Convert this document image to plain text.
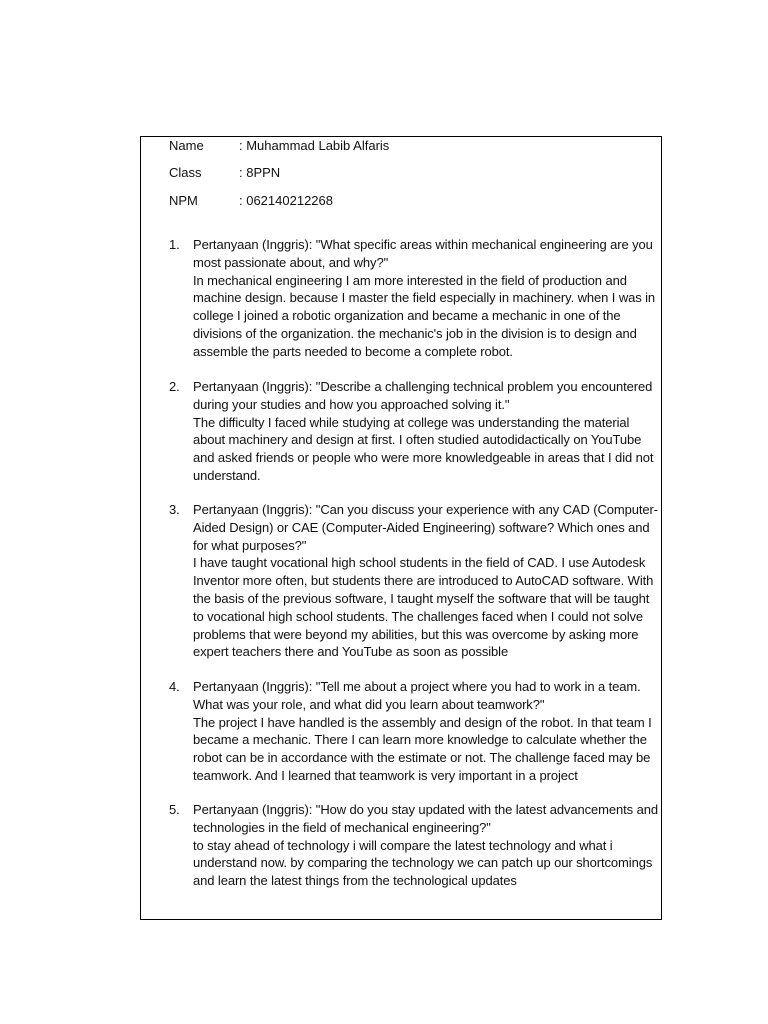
Name	: Muhammad Labib Alfaris
Class	: 8PPN
NPM	: 062140212268
1. Pertanyaan (Inggris): "What specific areas within mechanical engineering are you most passionate about, and why?"
In mechanical engineering I am more interested in the field of production and machine design. because I master the field especially in machinery. when I was in college I joined a robotic organization and became a mechanic in one of the divisions of the organization. the mechanic's job in the division is to design and assemble the parts needed to become a complete robot.
2. Pertanyaan (Inggris): "Describe a challenging technical problem you encountered during your studies and how you approached solving it."
The difficulty I faced while studying at college was understanding the material about machinery and design at first. I often studied autodidactically on YouTube and asked friends or people who were more knowledgeable in areas that I did not understand.
3. Pertanyaan (Inggris): "Can you discuss your experience with any CAD (Computer-Aided Design) or CAE (Computer-Aided Engineering) software? Which ones and for what purposes?"
I have taught vocational high school students in the field of CAD. I use Autodesk Inventor more often, but students there are introduced to AutoCAD software. With the basis of the previous software, I taught myself the software that will be taught to vocational high school students. The challenges faced when I could not solve problems that were beyond my abilities, but this was overcome by asking more expert teachers there and YouTube as soon as possible
4. Pertanyaan (Inggris): "Tell me about a project where you had to work in a team. What was your role, and what did you learn about teamwork?"
The project I have handled is the assembly and design of the robot. In that team I became a mechanic. There I can learn more knowledge to calculate whether the robot can be in accordance with the estimate or not. The challenge faced may be teamwork. And I learned that teamwork is very important in a project
5. Pertanyaan (Inggris): "How do you stay updated with the latest advancements and technologies in the field of mechanical engineering?"
to stay ahead of technology i will compare the latest technology and what i understand now. by comparing the technology we can patch up our shortcomings and learn the latest things from the technological updates
